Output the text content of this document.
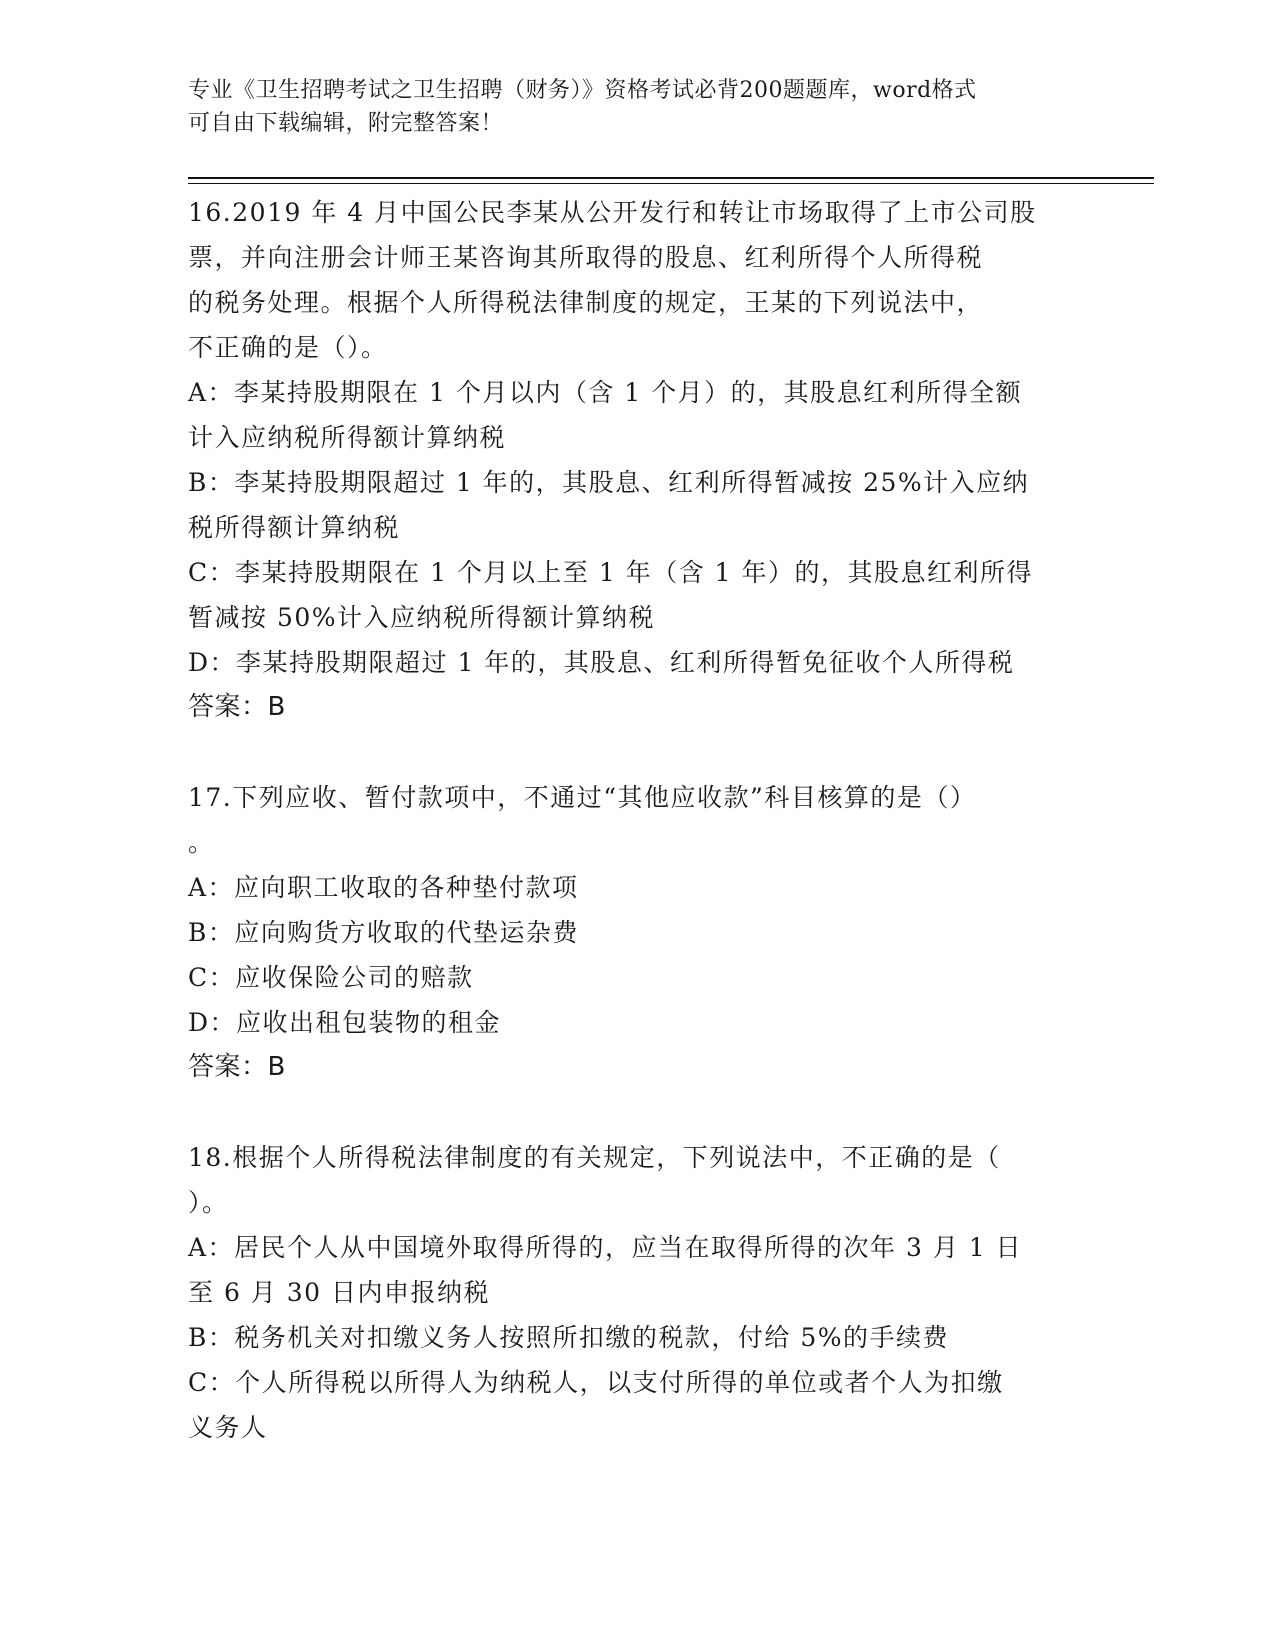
专业《卫生招聘考试之卫生招聘（财务）》资格考试必背200题题库，word格式
可自由下载编辑，附完整答案！
16.2019 年 4 月中国公民李某从公开发行和转让市场取得了上市公司股
票，并向注册会计师王某咨询其所取得的股息、红利所得个人所得税
的税务处理。根据个人所得税法律制度的规定，王某的下列说法中，
不正确的是（）。
A：李某持股期限在 1 个月以内（含 1 个月）的，其股息红利所得全额
计入应纳税所得额计算纳税
B：李某持股期限超过 1 年的，其股息、红利所得暂减按 25%计入应纳
税所得额计算纳税
C：李某持股期限在 1 个月以上至 1 年（含 1 年）的，其股息红利所得
暂减按 50%计入应纳税所得额计算纳税
D：李某持股期限超过 1 年的，其股息、红利所得暂免征收个人所得税
答案：B
17.下列应收、暂付款项中，不通过“其他应收款”科目核算的是（）
。
A：应向职工收取的各种垫付款项
B：应向购货方收取的代垫运杂费
C：应收保险公司的赔款
D：应收出租包装物的租金
答案：B
18.根据个人所得税法律制度的有关规定，下列说法中，不正确的是（
）。
A：居民个人从中国境外取得所得的，应当在取得所得的次年 3 月 1 日
至 6 月 30 日内申报纳税
B：税务机关对扣缴义务人按照所扣缴的税款，付给 5%的手续费
C：个人所得税以所得人为纳税人，以支付所得的单位或者个人为扣缴
义务人
